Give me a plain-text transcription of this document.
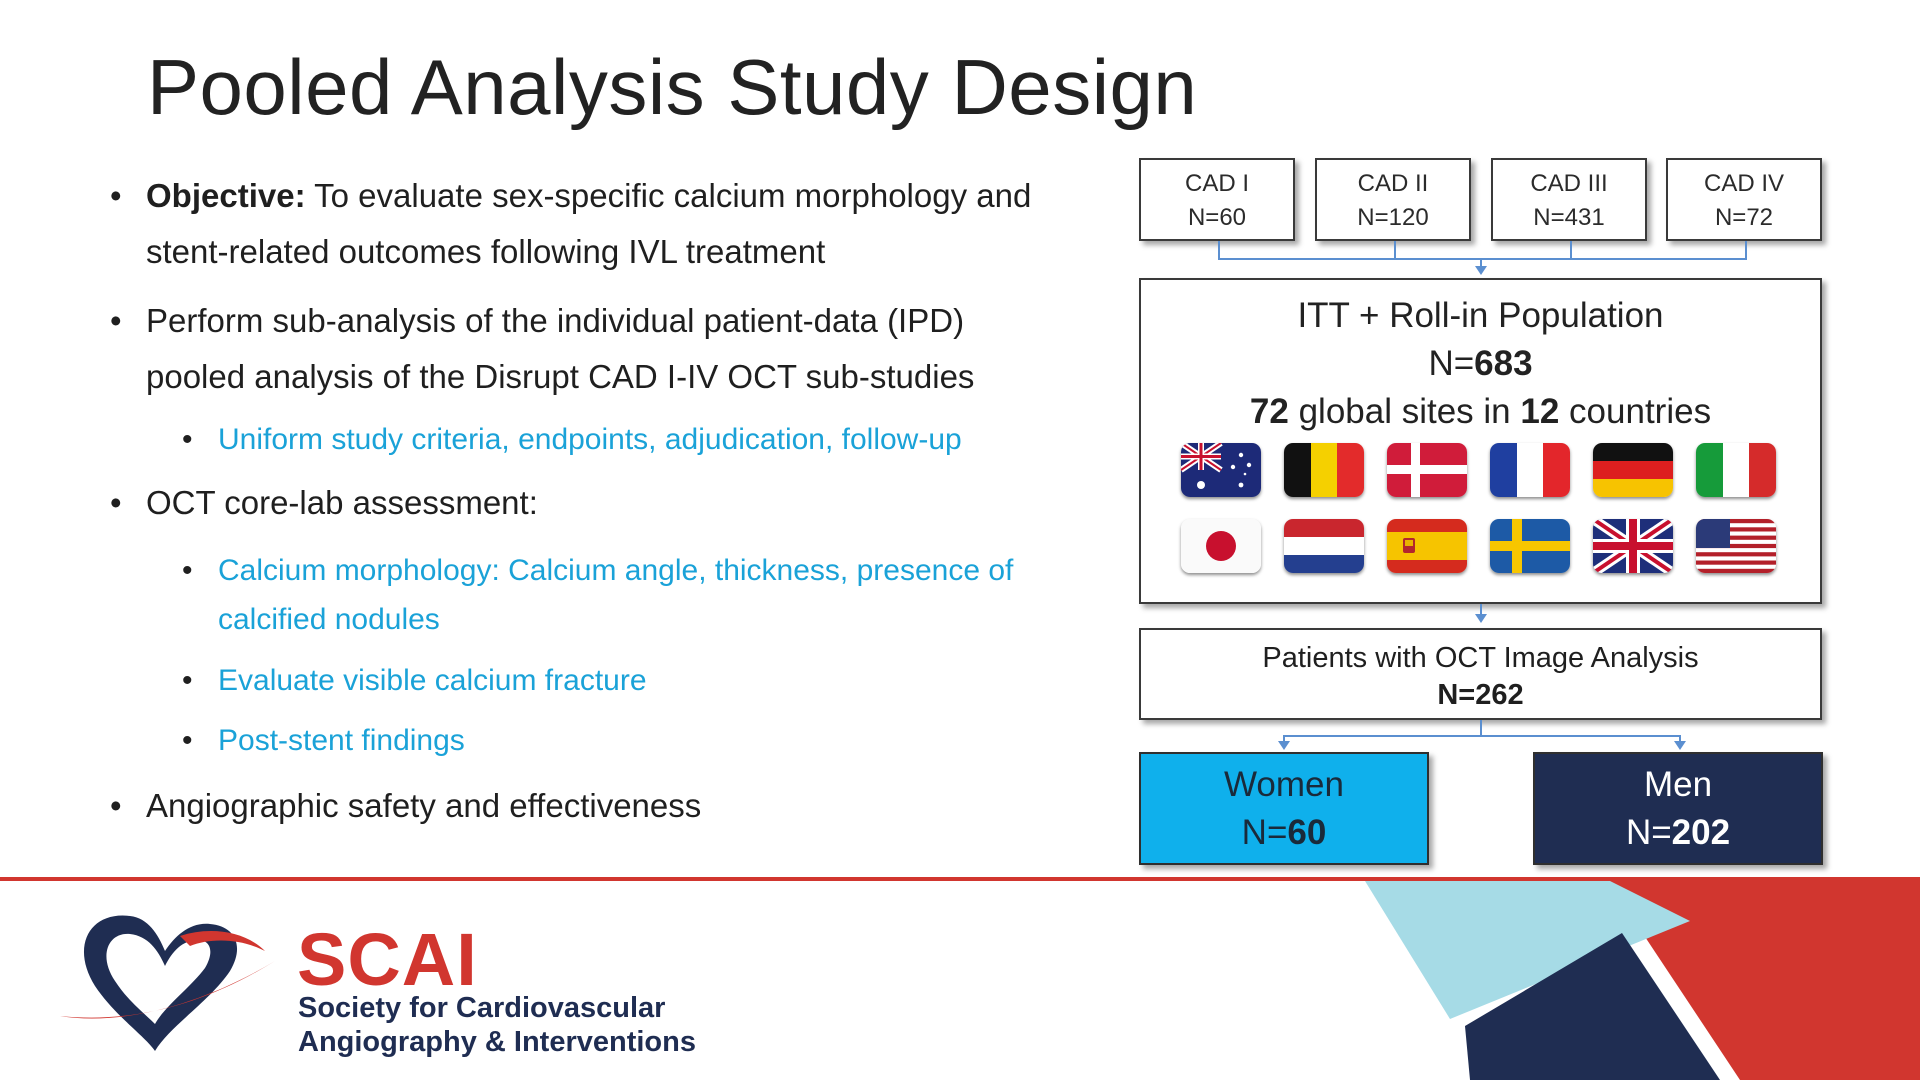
Pooled Analysis Study Design
• Objective: To evaluate sex-specific calcium morphology and stent-related outcomes following IVL treatment
• Perform sub-analysis of the individual patient-data (IPD) pooled analysis of the Disrupt CAD I-IV OCT sub-studies
• Uniform study criteria, endpoints, adjudication, follow-up
• OCT core-lab assessment:
• Calcium morphology: Calcium angle, thickness, presence of calcified nodules
• Evaluate visible calcium fracture
• Post-stent findings
• Angiographic safety and effectiveness
CAD I
N=60
CAD II
N=120
CAD III
N=431
CAD IV
N=72
ITT + Roll-in Population
N=683
72 global sites in 12 countries
Patients with OCT Image Analysis
N=262
Women
N=60
Men
N=202
SCAI
Society for Cardiovascular
Angiography & Interventions
